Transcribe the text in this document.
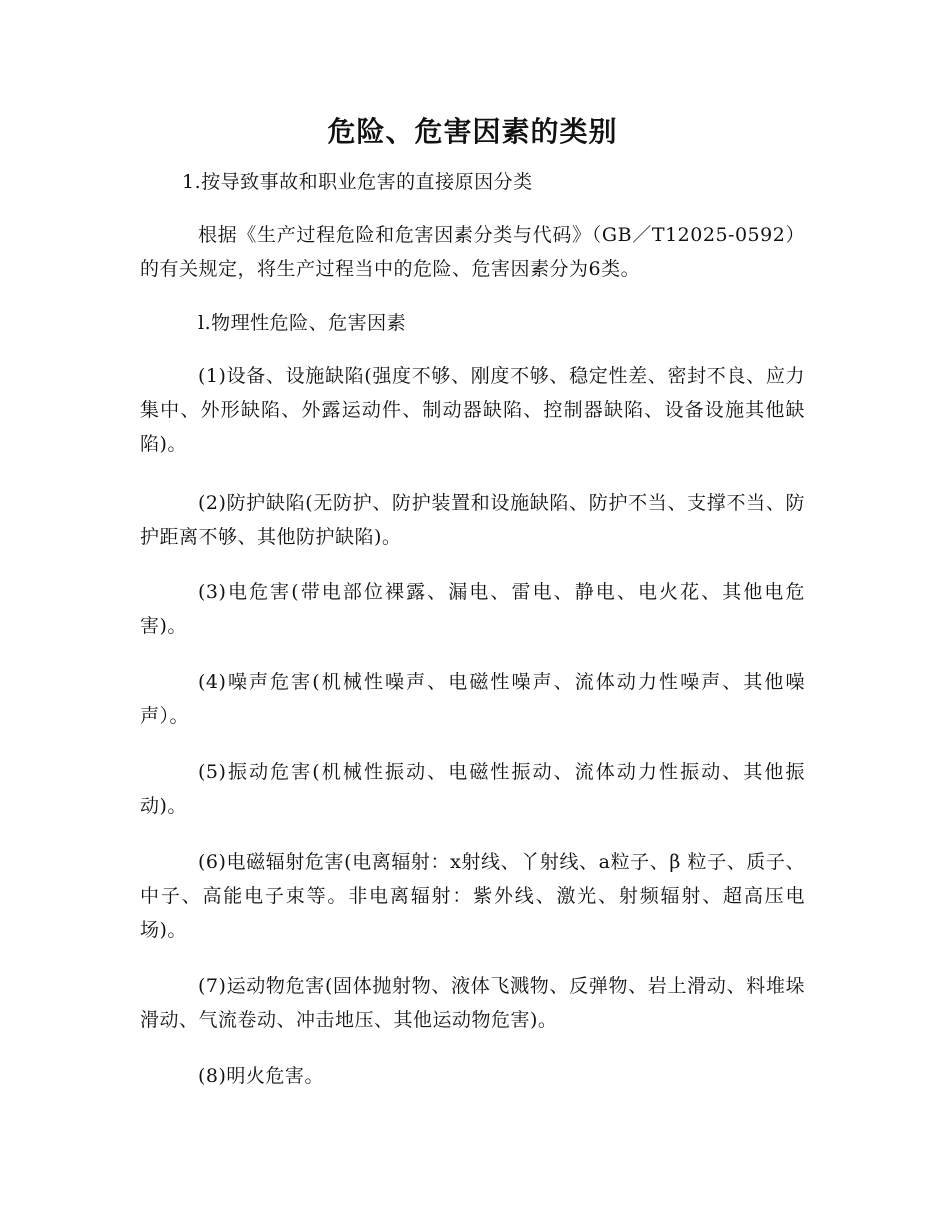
危险、危害因素的类别

1.按导致事故和职业危害的直接原因分类

根据《生产过程危险和危害因素分类与代码》（GB／T12025-0592）的有关规定，将生产过程当中的危险、危害因素分为6类。

l.物理性危险、危害因素

(1)设备、设施缺陷(强度不够、刚度不够、稳定性差、密封不良、应力集中、外形缺陷、外露运动件、制动器缺陷、控制器缺陷、设备设施其他缺陷)。

(2)防护缺陷(无防护、防护装置和设施缺陷、防护不当、支撑不当、防护距离不够、其他防护缺陷)。

(3)电危害(带电部位裸露、漏电、雷电、静电、电火花、其他电危害)。

(4)噪声危害(机械性噪声、电磁性噪声、流体动力性噪声、其他噪声）。

(5)振动危害(机械性振动、电磁性振动、流体动力性振动、其他振动)。

(6)电磁辐射危害(电离辐射：x射线、丫射线、a粒子、β 粒子、质子、中子、高能电子束等。非电离辐射：紫外线、激光、射频辐射、超高压电场)。

(7)运动物危害(固体抛射物、液体飞溅物、反弹物、岩上滑动、料堆垛滑动、气流卷动、冲击地压、其他运动物危害)。

(8)明火危害。
